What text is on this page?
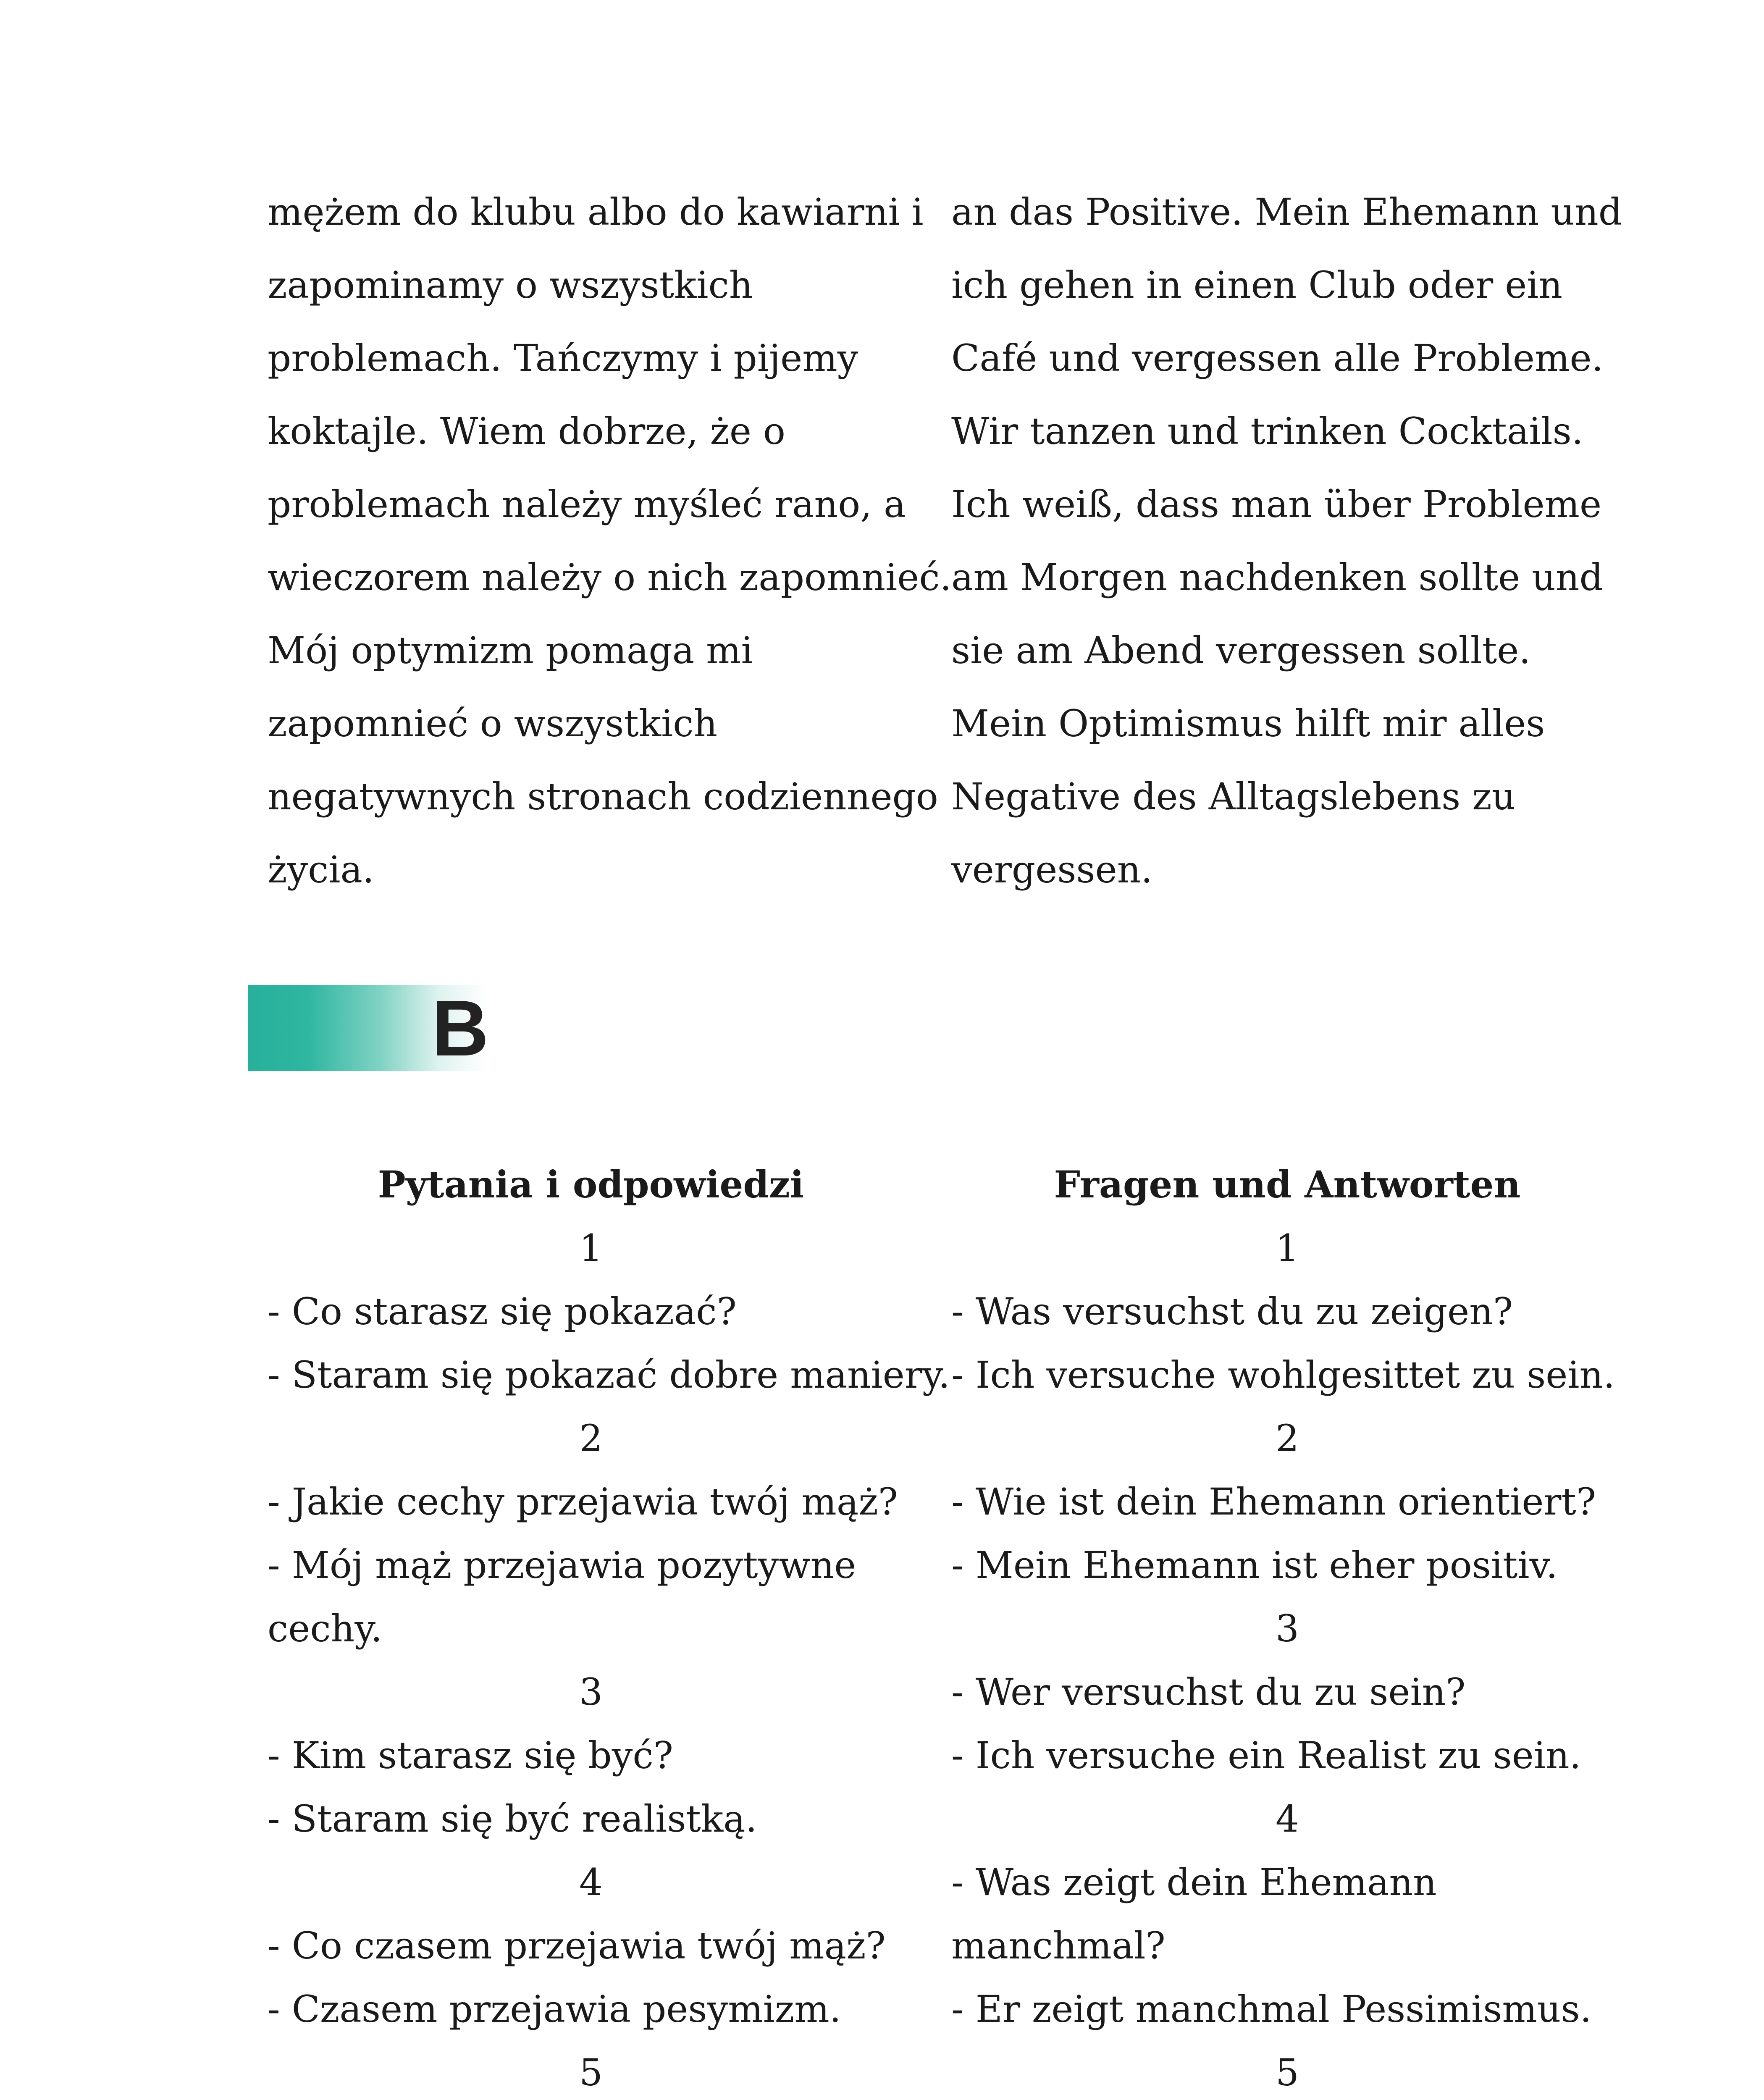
mężem do klubu albo do kawiarni i

zapominamy o wszystkich

problemach. Tańczymy i pijemy

koktajle. Wiem dobrze, że o

problemach należy myśleć rano, a

wieczorem należy o nich zapomnieć.

Mój optymizm pomaga mi

zapomnieć o wszystkich

negatywnych stronach codziennego

życia.

an das Positive. Mein Ehemann und

ich gehen in einen Club oder ein

Café und vergessen alle Probleme.

Wir tanzen und trinken Cocktails.

Ich weiß, dass man über Probleme

am Morgen nachdenken sollte und

sie am Abend vergessen sollte.

Mein Optimismus hilft mir alles

Negative des Alltagslebens zu

vergessen.

B

Pytania i odpowiedzi

1

- Co starasz się pokazać?

- Staram się pokazać dobre maniery.

2

- Jakie cechy przejawia twój mąż?

- Mój mąż przejawia pozytywne

cechy.

3

- Kim starasz się być?

- Staram się być realistką.

4

- Co czasem przejawia twój mąż?

- Czasem przejawia pesymizm.

5

Fragen und Antworten

1

- Was versuchst du zu zeigen?

- Ich versuche wohlgesittet zu sein.

2

- Wie ist dein Ehemann orientiert?

- Mein Ehemann ist eher positiv.

3

- Wer versuchst du zu sein?

- Ich versuche ein Realist zu sein.

4

- Was zeigt dein Ehemann

manchmal?

- Er zeigt manchmal Pessimismus.

5
